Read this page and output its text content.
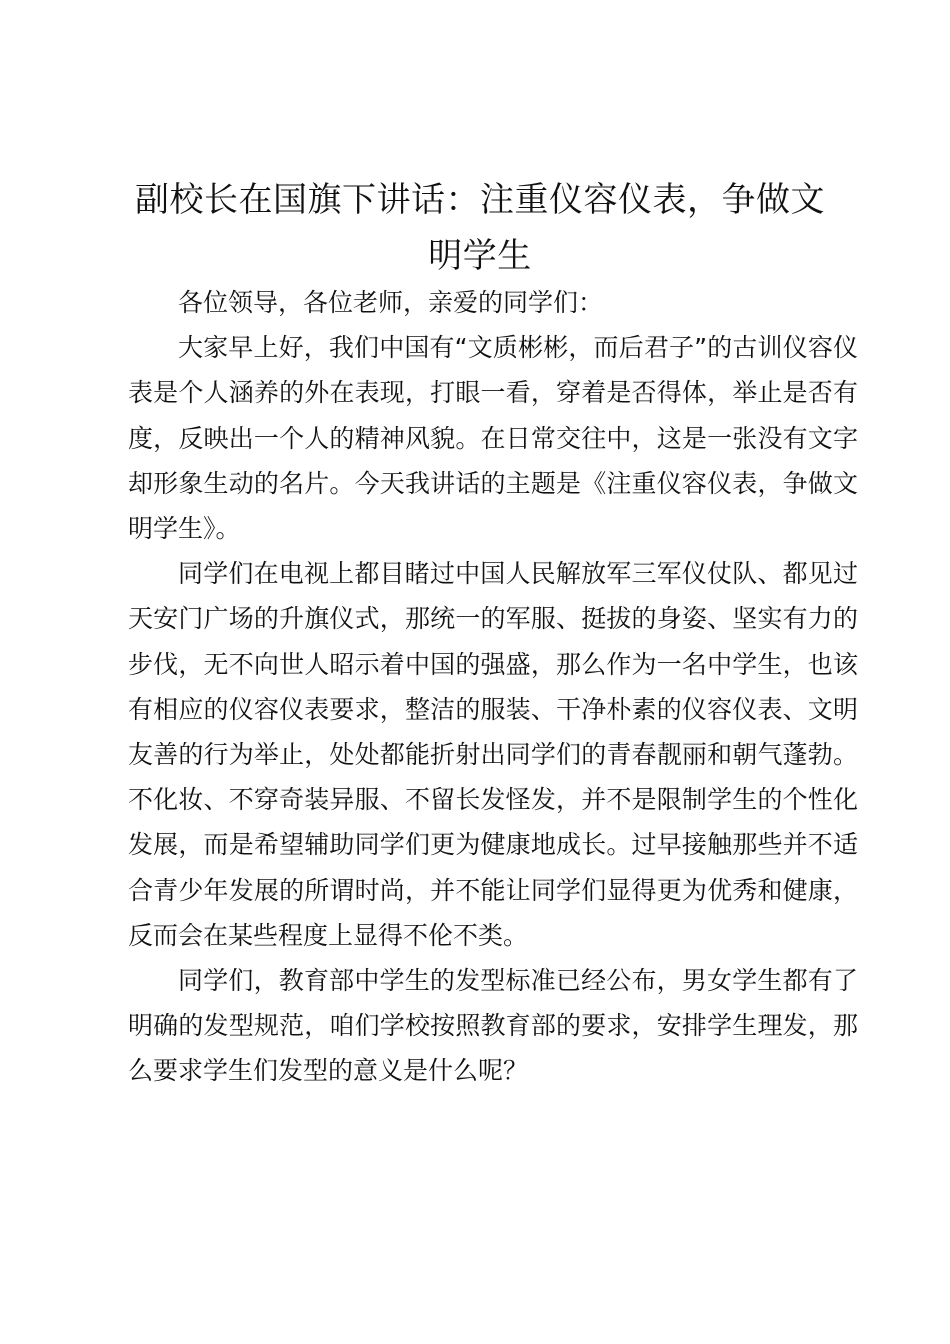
副校长在国旗下讲话：注重仪容仪表，争做文明学生

各位领导，各位老师，亲爱的同学们：

大家早上好，我们中国有“文质彬彬，而后君子”的古训仪容仪表是个人涵养的外在表现，打眼一看，穿着是否得体，举止是否有度，反映出一个人的精神风貌。在日常交往中，这是一张没有文字却形象生动的名片。今天我讲话的主题是《注重仪容仪表，争做文明学生》。

同学们在电视上都目睹过中国人民解放军三军仪仗队、都见过天安门广场的升旗仪式，那统一的军服、挺拔的身姿、坚实有力的步伐，无不向世人昭示着中国的强盛，那么作为一名中学生，也该有相应的仪容仪表要求，整洁的服装、干净朴素的仪容仪表、文明友善的行为举止，处处都能折射出同学们的青春靓丽和朝气蓬勃。不化妆、不穿奇装异服、不留长发怪发，并不是限制学生的个性化发展，而是希望辅助同学们更为健康地成长。过早接触那些并不适合青少年发展的所谓时尚，并不能让同学们显得更为优秀和健康，反而会在某些程度上显得不伦不类。

同学们，教育部中学生的发型标准已经公布，男女学生都有了明确的发型规范，咱们学校按照教育部的要求，安排学生理发，那么要求学生们发型的意义是什么呢？
